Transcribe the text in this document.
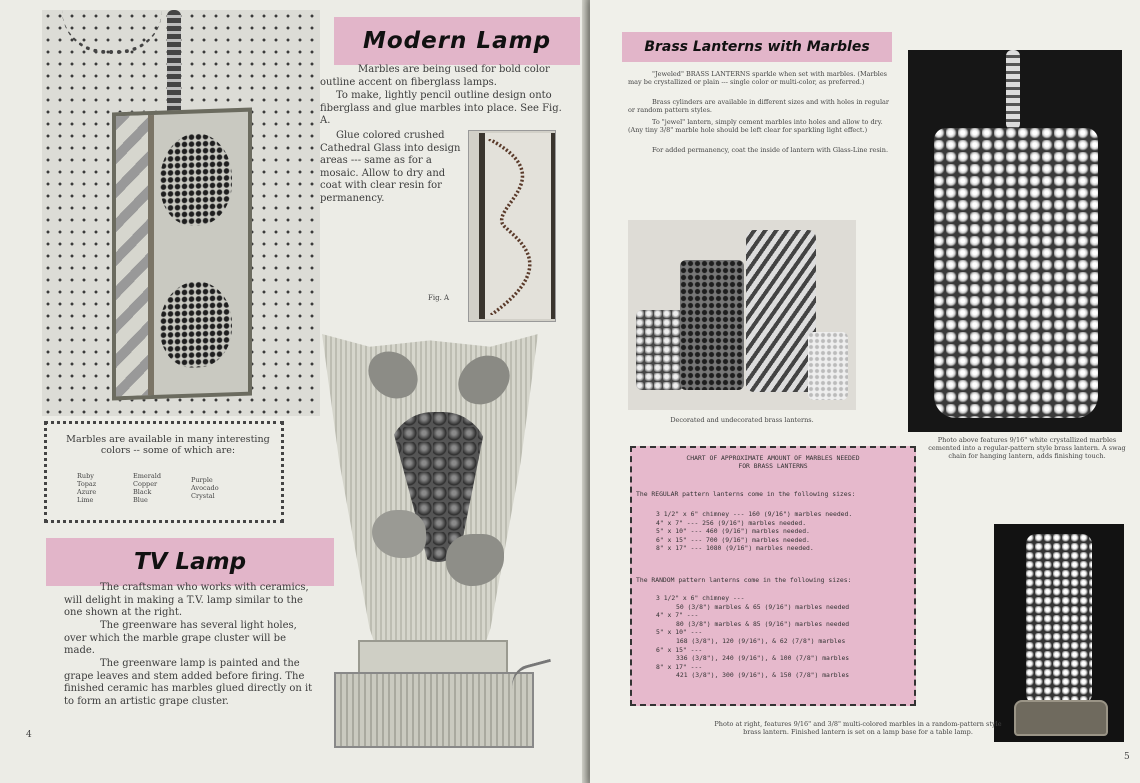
Modern Lamp
Marbles are being used for bold color outline accent on fiberglass lamps.
To make, lightly pencil outline design onto fiberglass and glue marbles into place. See Fig. A.
Glue colored crushed Cathedral Glass into design areas --- same as for a mosaic. Allow to dry and coat with clear resin for permanency.
Fig. A
Marbles are available in many interesting colors -- some of which are:
Ruby
Topaz
Azure
Lime
Emerald
Copper
Black
Blue
Purple
Avocado
Crystal
TV Lamp
The craftsman who works with ceramics, will delight in making a T.V. lamp similar to the one shown at the right.
The greenware has several light holes, over which the marble grape cluster will be made.
The greenware lamp is painted and the grape leaves and stem added before firing. The finished ceramic has marbles glued directly on it to form an artistic grape cluster.
4
Brass Lanterns with Marbles
"Jeweled" BRASS LANTERNS sparkle when set with marbles. (Marbles may be crystallized or plain --- single color or multi-color, as preferred.)
Brass cylinders are available in different sizes and with holes in regular or random pattern styles.
To "jewel" lantern, simply cement marbles into holes and allow to dry. (Any tiny 3/8" marble hole should be left clear for sparkling light effect.)
For added permanency, coat the inside of lantern with Glass-Line resin.
Photo above features 9/16" white crystallized marbles cemented into a regular-pattern style brass lantern. A swag chain for hanging lantern, adds finishing touch.
Decorated and undecorated brass lanterns.
CHART OF APPROXIMATE AMOUNT OF MARBLES NEEDED
FOR BRASS LANTERNS
The REGULAR pattern lanterns come in the following sizes:
3 1/2" x 6" chimney --- 160 (9/16") marbles needed.
4" x 7" --- 256 (9/16") marbles needed.
5" x 10" --- 460 (9/16") marbles needed.
6" x 15" --- 700 (9/16") marbles needed.
8" x 17" --- 1080 (9/16") marbles needed.
The RANDOM pattern lanterns come in the following sizes:
3 1/2" x 6" chimney ---
50 (3/8") marbles & 65 (9/16") marbles needed
4" x 7" ---
80 (3/8") marbles & 85 (9/16") marbles needed
5" x 10" ---
168 (3/8"), 120 (9/16"), & 62 (7/8") marbles
6" x 15" ---
336 (3/8"), 240 (9/16"), & 100 (7/8") marbles
8" x 17" ---
421 (3/8"), 300 (9/16"), & 150 (7/8") marbles
Photo at right, features 9/16" and 3/8" multi-colored marbles in a random-pattern style brass lantern. Finished lantern is set on a lamp base for a table lamp.
5
